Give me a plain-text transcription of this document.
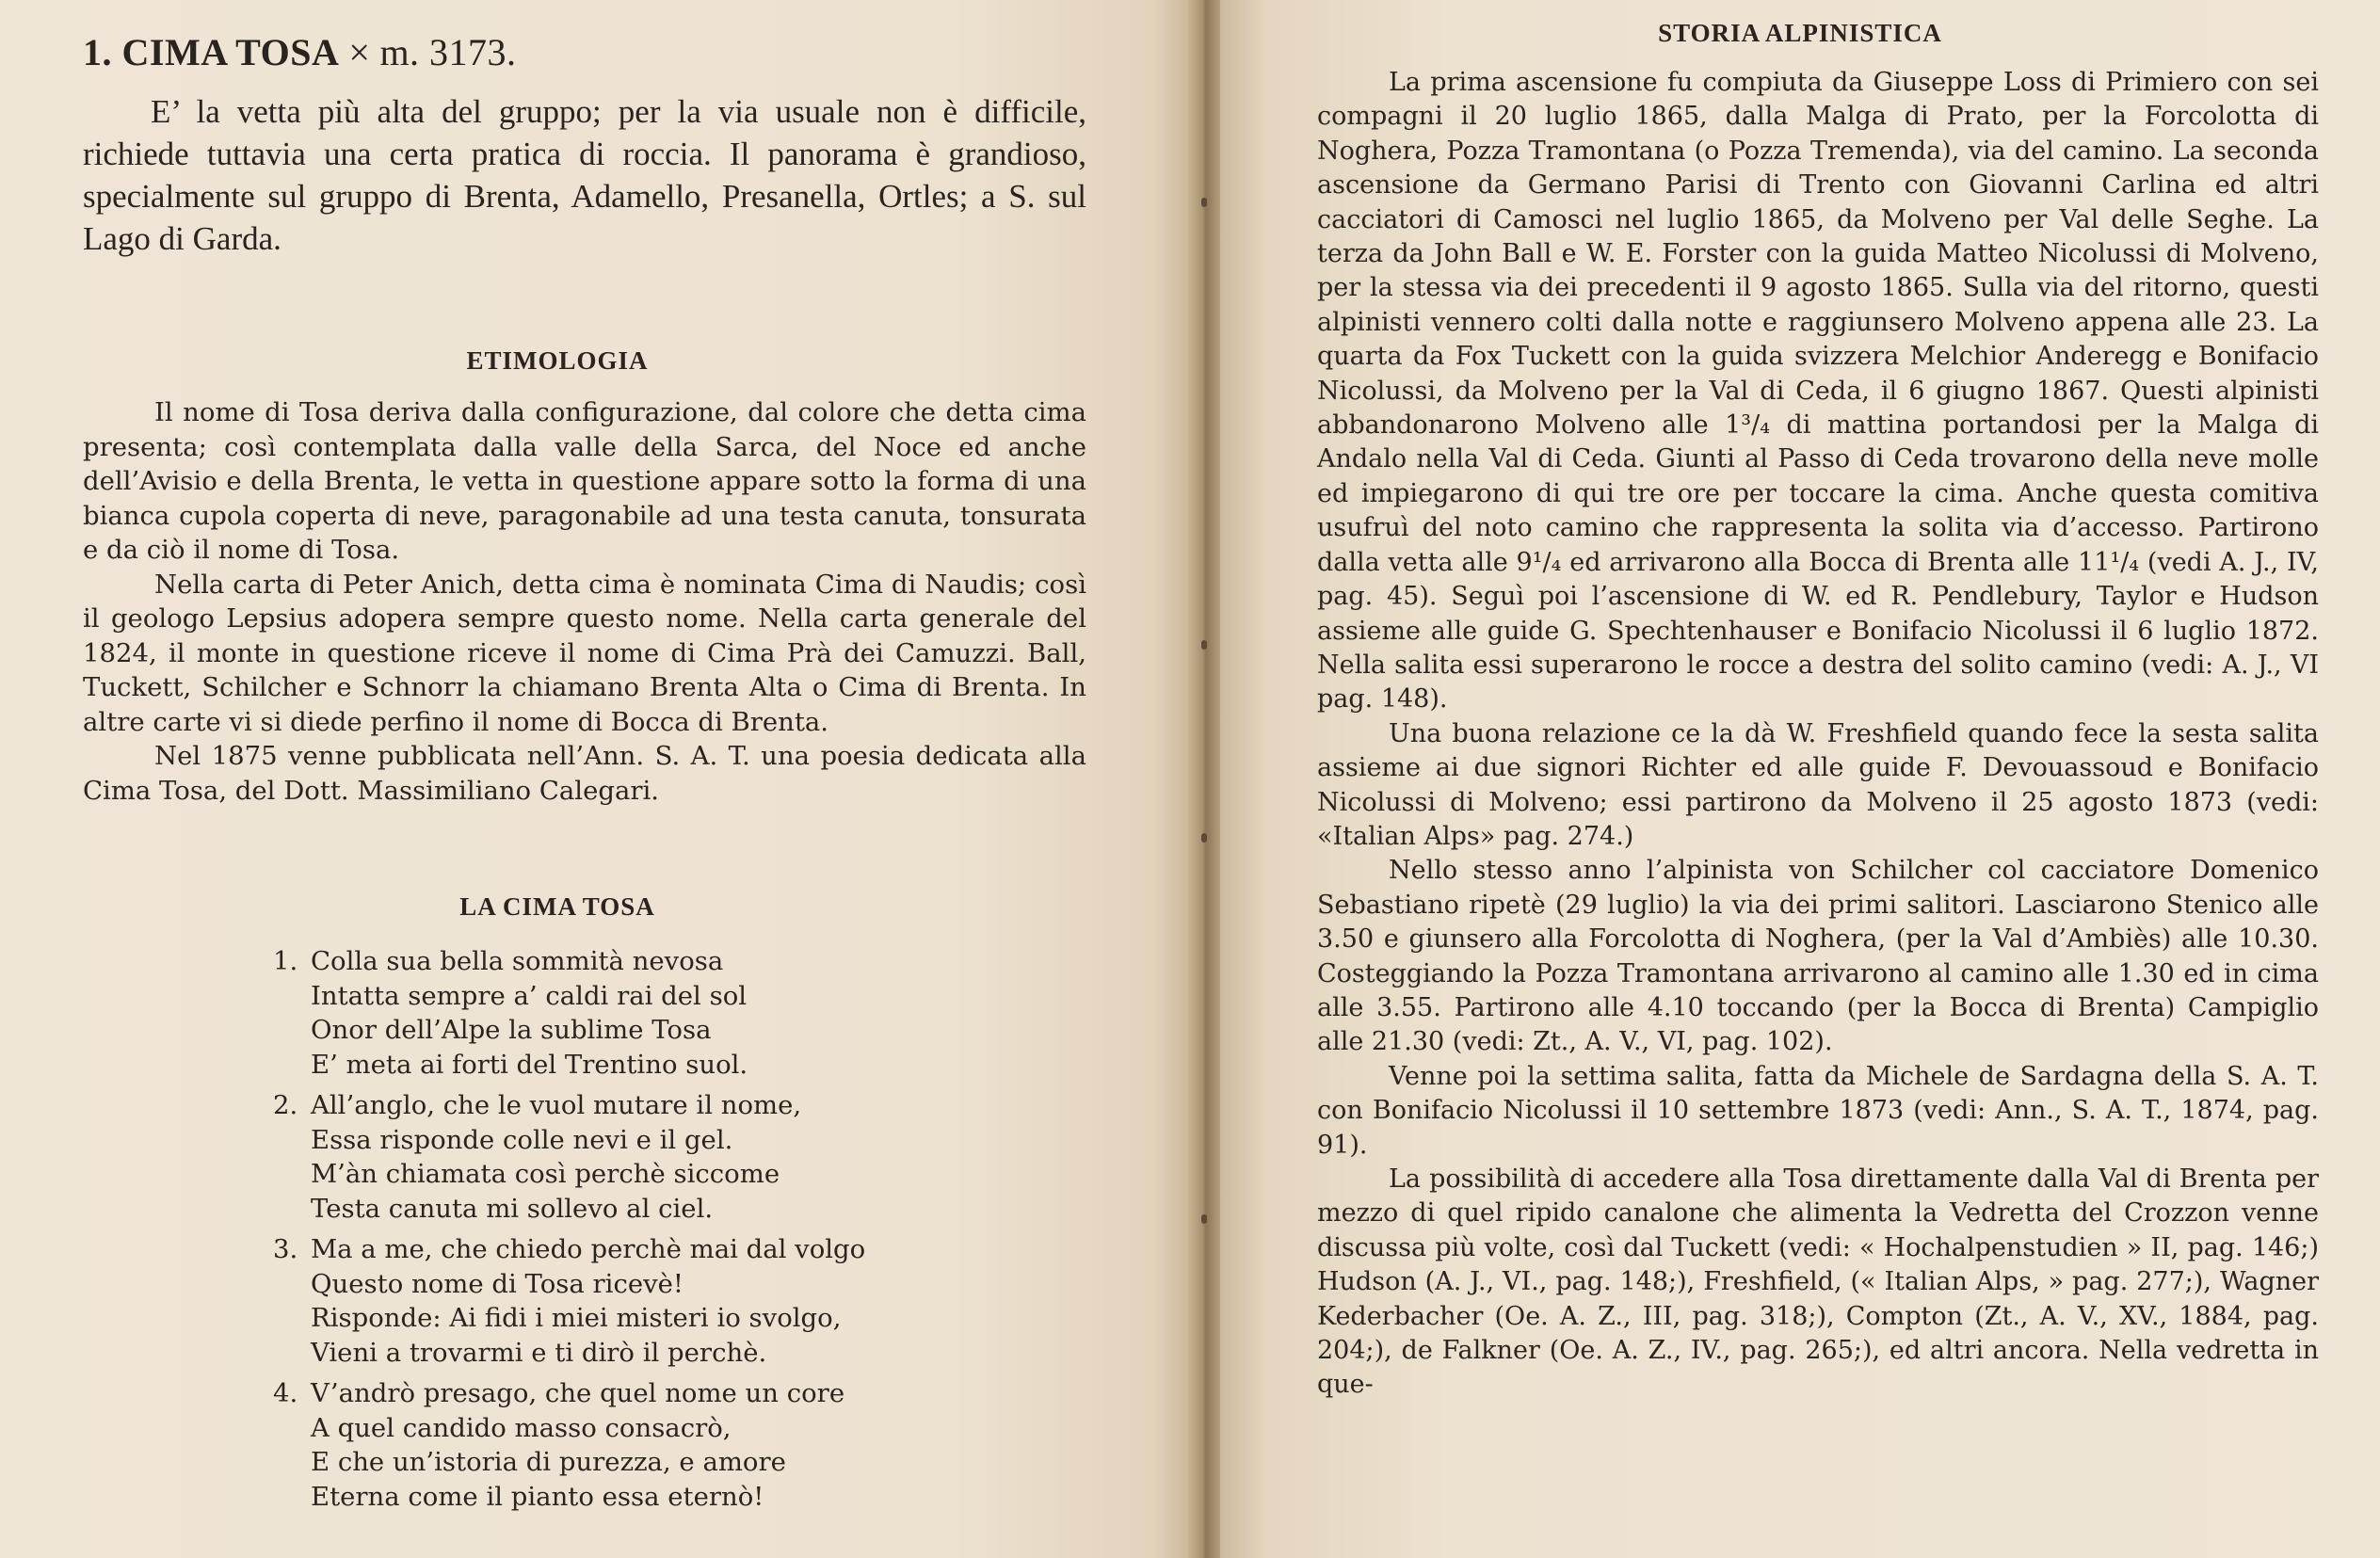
1. CIMA TOSA × m. 3173.
E’ la vetta più alta del gruppo; per la via usuale non è difficile, richiede tuttavia una certa pratica di roccia. Il panorama è grandioso, specialmente sul gruppo di Brenta, Adamello, Presanella, Ortles; a S. sul Lago di Garda.
ETIMOLOGIA

Il nome di Tosa deriva dalla configurazione, dal colore che detta cima presenta; così contemplata dalla valle della Sarca, del Noce ed anche dell’Avisio e della Brenta, le vetta in questione appare sotto la forma di una bianca cupola coperta di neve, paragonabile ad una testa canuta, tonsurata e da ciò il nome di Tosa.

Nella carta di Peter Anich, detta cima è nominata Cima di Naudis; così il geologo Lepsius adopera sempre questo nome. Nella carta generale del 1824, il monte in questione riceve il nome di Cima Prà dei Camuzzi. Ball, Tuckett, Schilcher e Schnorr la chiamano Brenta Alta o Cima di Brenta. In altre carte vi si diede perfino il nome di Bocca di Brenta.

Nel 1875 venne pubblicata nell’Ann. S. A. T. una poesia dedicata alla Cima Tosa, del Dott. Massimiliano Calegari.

LA CIMA TOSA
1. Colla sua bella sommità nevosa
Intatta sempre a’ caldi rai del sol
Onor dell’Alpe la sublime Tosa
E’ meta ai forti del Trentino suol.
2. All’anglo, che le vuol mutare il nome,
Essa risponde colle nevi e il gel.
M’àn chiamata così perchè siccome
Testa canuta mi sollevo al ciel.
3. Ma a me, che chiedo perchè mai dal volgo
Questo nome di Tosa ricevè!
Risponde: Ai fidi i miei misteri io svolgo,
Vieni a trovarmi e ti dirò il perchè.
4. V’andrò presago, che quel nome un core
A quel candido masso consacrò,
E che un’istoria di purezza, e amore
Eterna come il pianto essa eternò!
STORIA ALPINISTICA

La prima ascensione fu compiuta da Giuseppe Loss di Primiero con sei compagni il 20 luglio 1865, dalla Malga di Prato, per la Forcolotta di Noghera, Pozza Tramontana (o Pozza Tremenda), via del camino. La seconda ascensione da Germano Parisi di Trento con Giovanni Carlina ed altri cacciatori di Camosci nel luglio 1865, da Molveno per Val delle Seghe. La terza da John Ball e W. E. Forster con la guida Matteo Nicolussi di Molveno, per la stessa via dei precedenti il 9 agosto 1865. Sulla via del ritorno, questi alpinisti vennero colti dalla notte e raggiunsero Molveno appena alle 23. La quarta da Fox Tuckett con la guida svizzera Melchior Anderegg e Bonifacio Nicolussi, da Molveno per la Val di Ceda, il 6 giugno 1867. Questi alpinisti abbandonarono Molveno alle 1³/₄ di mattina portandosi per la Malga di Andalo nella Val di Ceda. Giunti al Passo di Ceda trovarono della neve molle ed impiegarono di qui tre ore per toccare la cima. Anche questa comitiva usufruì del noto camino che rappresenta la solita via d’accesso. Partirono dalla vetta alle 9¹/₄ ed arrivarono alla Bocca di Brenta alle 11¹/₄ (vedi A. J., IV, pag. 45). Seguì poi l’ascensione di W. ed R. Pendlebury, Taylor e Hudson assieme alle guide G. Spechtenhauser e Bonifacio Nicolussi il 6 luglio 1872. Nella salita essi superarono le rocce a destra del solito camino (vedi: A. J., VI pag. 148).

Una buona relazione ce la dà W. Freshfield quando fece la sesta salita assieme ai due signori Richter ed alle guide F. Devouassoud e Bonifacio Nicolussi di Molveno; essi partirono da Molveno il 25 agosto 1873 (vedi: «Italian Alps» pag. 274.)

Nello stesso anno l’alpinista von Schilcher col cacciatore Domenico Sebastiano ripetè (29 luglio) la via dei primi salitori. Lasciarono Stenico alle 3.50 e giunsero alla Forcolotta di Noghera, (per la Val d’Ambiès) alle 10.30. Costeggiando la Pozza Tramontana arrivarono al camino alle 1.30 ed in cima alle 3.55. Partirono alle 4.10 toccando (per la Bocca di Brenta) Campiglio alle 21.30 (vedi: Zt., A. V., VI, pag. 102).

Venne poi la settima salita, fatta da Michele de Sardagna della S. A. T. con Bonifacio Nicolussi il 10 settembre 1873 (vedi: Ann., S. A. T., 1874, pag. 91).

La possibilità di accedere alla Tosa direttamente dalla Val di Brenta per mezzo di quel ripido canalone che alimenta la Vedretta del Crozzon venne discussa più volte, così dal Tuckett (vedi: « Hochalpenstudien » II, pag. 146;) Hudson (A. J., VI., pag. 148;), Freshfield, (« Italian Alps, » pag. 277;), Wagner Kederbacher (Oe. A. Z., III, pag. 318;), Compton (Zt., A. V., XV., 1884, pag. 204;), de Falkner (Oe. A. Z., IV., pag. 265;), ed altri ancora. Nella vedretta in que-
